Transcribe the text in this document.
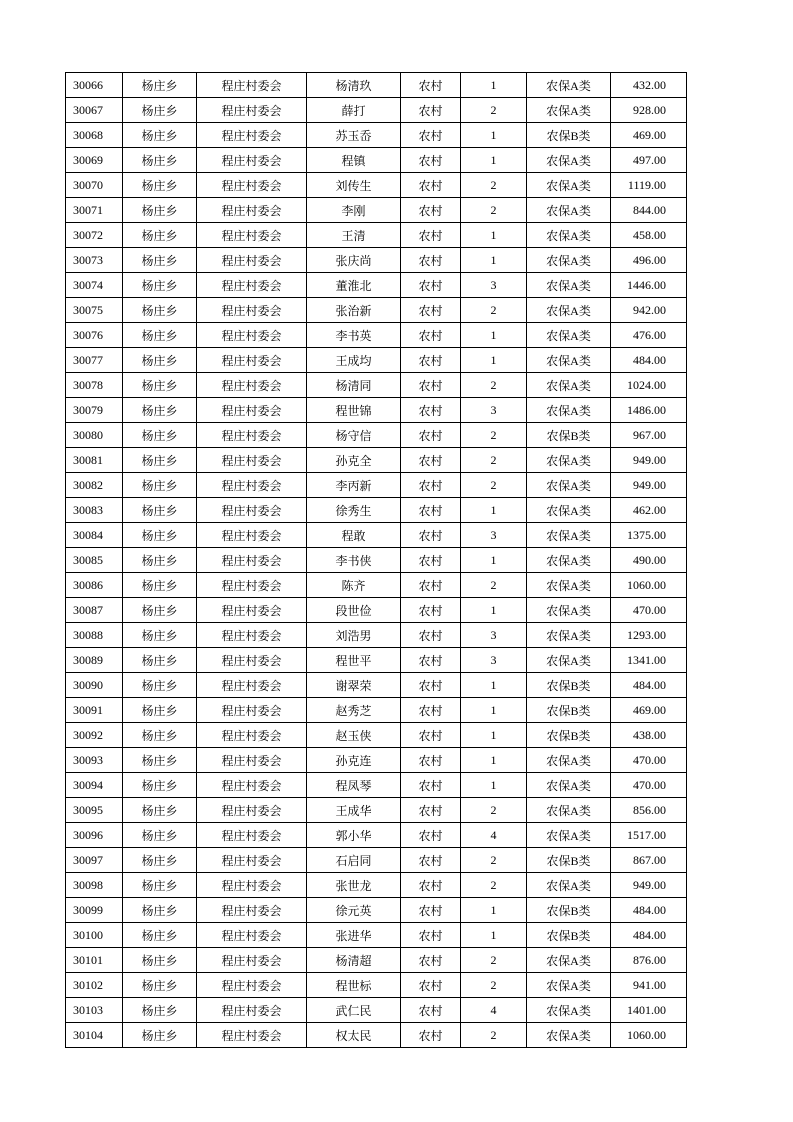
30066	杨庄乡	程庄村委会	杨清玖	农村	1	农保A类	432.00
30067	杨庄乡	程庄村委会	薛打	农村	2	农保A类	928.00
30068	杨庄乡	程庄村委会	苏玉岙	农村	1	农保B类	469.00
30069	杨庄乡	程庄村委会	程镇	农村	1	农保A类	497.00
30070	杨庄乡	程庄村委会	刘传生	农村	2	农保A类	1119.00
30071	杨庄乡	程庄村委会	李刚	农村	2	农保A类	844.00
30072	杨庄乡	程庄村委会	王清	农村	1	农保A类	458.00
30073	杨庄乡	程庄村委会	张庆尚	农村	1	农保A类	496.00
30074	杨庄乡	程庄村委会	董淮北	农村	3	农保A类	1446.00
30075	杨庄乡	程庄村委会	张治新	农村	2	农保A类	942.00
30076	杨庄乡	程庄村委会	李书英	农村	1	农保A类	476.00
30077	杨庄乡	程庄村委会	王成均	农村	1	农保A类	484.00
30078	杨庄乡	程庄村委会	杨清同	农村	2	农保A类	1024.00
30079	杨庄乡	程庄村委会	程世锦	农村	3	农保A类	1486.00
30080	杨庄乡	程庄村委会	杨守信	农村	2	农保B类	967.00
30081	杨庄乡	程庄村委会	孙克全	农村	2	农保A类	949.00
30082	杨庄乡	程庄村委会	李丙新	农村	2	农保A类	949.00
30083	杨庄乡	程庄村委会	徐秀生	农村	1	农保A类	462.00
30084	杨庄乡	程庄村委会	程敢	农村	3	农保A类	1375.00
30085	杨庄乡	程庄村委会	李书侠	农村	1	农保A类	490.00
30086	杨庄乡	程庄村委会	陈齐	农村	2	农保A类	1060.00
30087	杨庄乡	程庄村委会	段世俭	农村	1	农保A类	470.00
30088	杨庄乡	程庄村委会	刘浩男	农村	3	农保A类	1293.00
30089	杨庄乡	程庄村委会	程世平	农村	3	农保A类	1341.00
30090	杨庄乡	程庄村委会	谢翠荣	农村	1	农保B类	484.00
30091	杨庄乡	程庄村委会	赵秀芝	农村	1	农保B类	469.00
30092	杨庄乡	程庄村委会	赵玉侠	农村	1	农保B类	438.00
30093	杨庄乡	程庄村委会	孙克连	农村	1	农保A类	470.00
30094	杨庄乡	程庄村委会	程凤琴	农村	1	农保A类	470.00
30095	杨庄乡	程庄村委会	王成华	农村	2	农保A类	856.00
30096	杨庄乡	程庄村委会	郭小华	农村	4	农保A类	1517.00
30097	杨庄乡	程庄村委会	石启同	农村	2	农保B类	867.00
30098	杨庄乡	程庄村委会	张世龙	农村	2	农保A类	949.00
30099	杨庄乡	程庄村委会	徐元英	农村	1	农保B类	484.00
30100	杨庄乡	程庄村委会	张进华	农村	1	农保B类	484.00
30101	杨庄乡	程庄村委会	杨清超	农村	2	农保A类	876.00
30102	杨庄乡	程庄村委会	程世标	农村	2	农保A类	941.00
30103	杨庄乡	程庄村委会	武仁民	农村	4	农保A类	1401.00
30104	杨庄乡	程庄村委会	权太民	农村	2	农保A类	1060.00
